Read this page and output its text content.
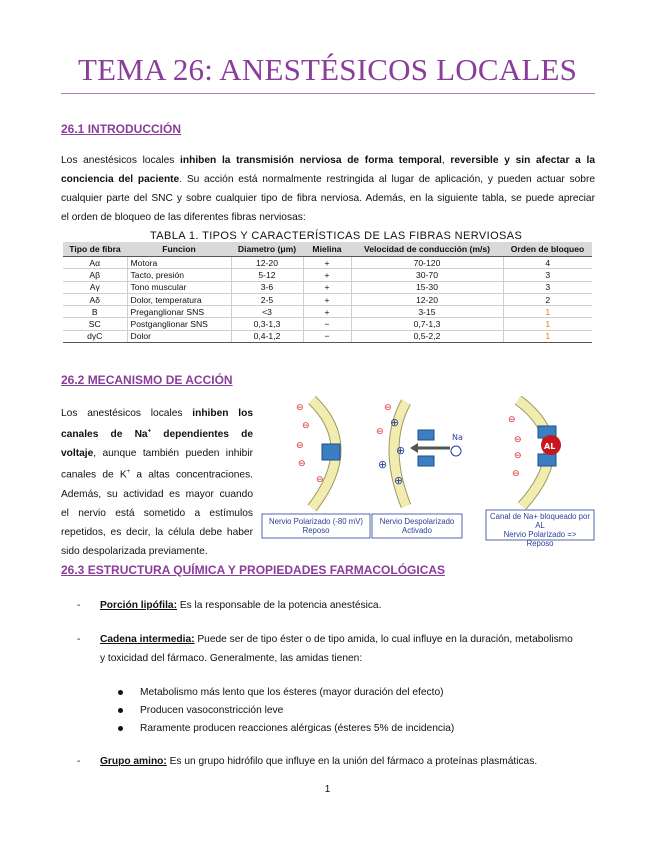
TEMA 26: ANESTÉSICOS LOCALES
26.1 INTRODUCCIÓN
Los anestésicos locales inhiben la transmisión nerviosa de forma temporal, reversible y sin afectar a la
conciencia del paciente. Su acción está normalmente restringida al lugar de aplicación, y pueden actuar sobre
cualquier parte del SNC y sobre cualquier tipo de fibra nerviosa. Además, en la siguiente tabla, se puede apreciar
el orden de bloqueo de las diferentes fibras nerviosas:
TABLA 1. TIPOS Y CARACTERÍSTICAS DE LAS FIBRAS NERVIOSAS
Tipo de fibra	Funcion	Diametro (μm)	Mielina	Velocidad de conducción (m/s)	Orden de bloqueo
Aα	Motora	12-20	+	70-120	4
Aβ	Tacto, presión	5-12	+	30-70	3
Aγ	Tono muscular	3-6	+	15-30	3
Aδ	Dolor, temperatura	2-5	+	12-20	2
B	Preganglionar SNS	<3	+	3-15	1
SC	Postganglionar SNS	0,3-1,3	−	0,7-1,3	1
dγC	Dolor	0,4-1,2	−	0,5-2,2	1
26.2 MECANISMO DE ACCIÓN
Los anestésicos locales inhiben los
canales de Na+ dependientes de
voltaje, aunque también pueden inhibir
canales de K+ a altas concentraciones.
Además, su actividad es mayor cuando
el nervio está sometido a estímulos
repetidos, es decir, la célula debe haber
sido despolarizada previamente.
⊖
⊖
⊖
⊖
⊖
Na
⊖
⊖
⊕
⊕
⊕
⊕
AL
⊖
⊖
⊖
⊖
Nervio Polarizado (-80 mV)
Reposo
Nervio Despolarizado
Activado
Canal de Na+ bloqueado por AL
Nervio Polarizado =>
Reposo
26.3 ESTRUCTURA QUÍMICA Y PROPIEDADES FARMACOLÓGICAS
- Porción lipófila: Es la responsable de la potencia anestésica.
- Cadena intermedia: Puede ser de tipo éster o de tipo amida, lo cual influye en la duración, metabolismo
y toxicidad del fármaco. Generalmente, las amidas tienen:
Metabolismo más lento que los ésteres (mayor duración del efecto)
Producen vasoconstricción leve
Raramente producen reacciones alérgicas (ésteres 5% de incidencia)
- Grupo amino: Es un grupo hidrófilo que influye en la unión del fármaco a proteínas plasmáticas.
1
